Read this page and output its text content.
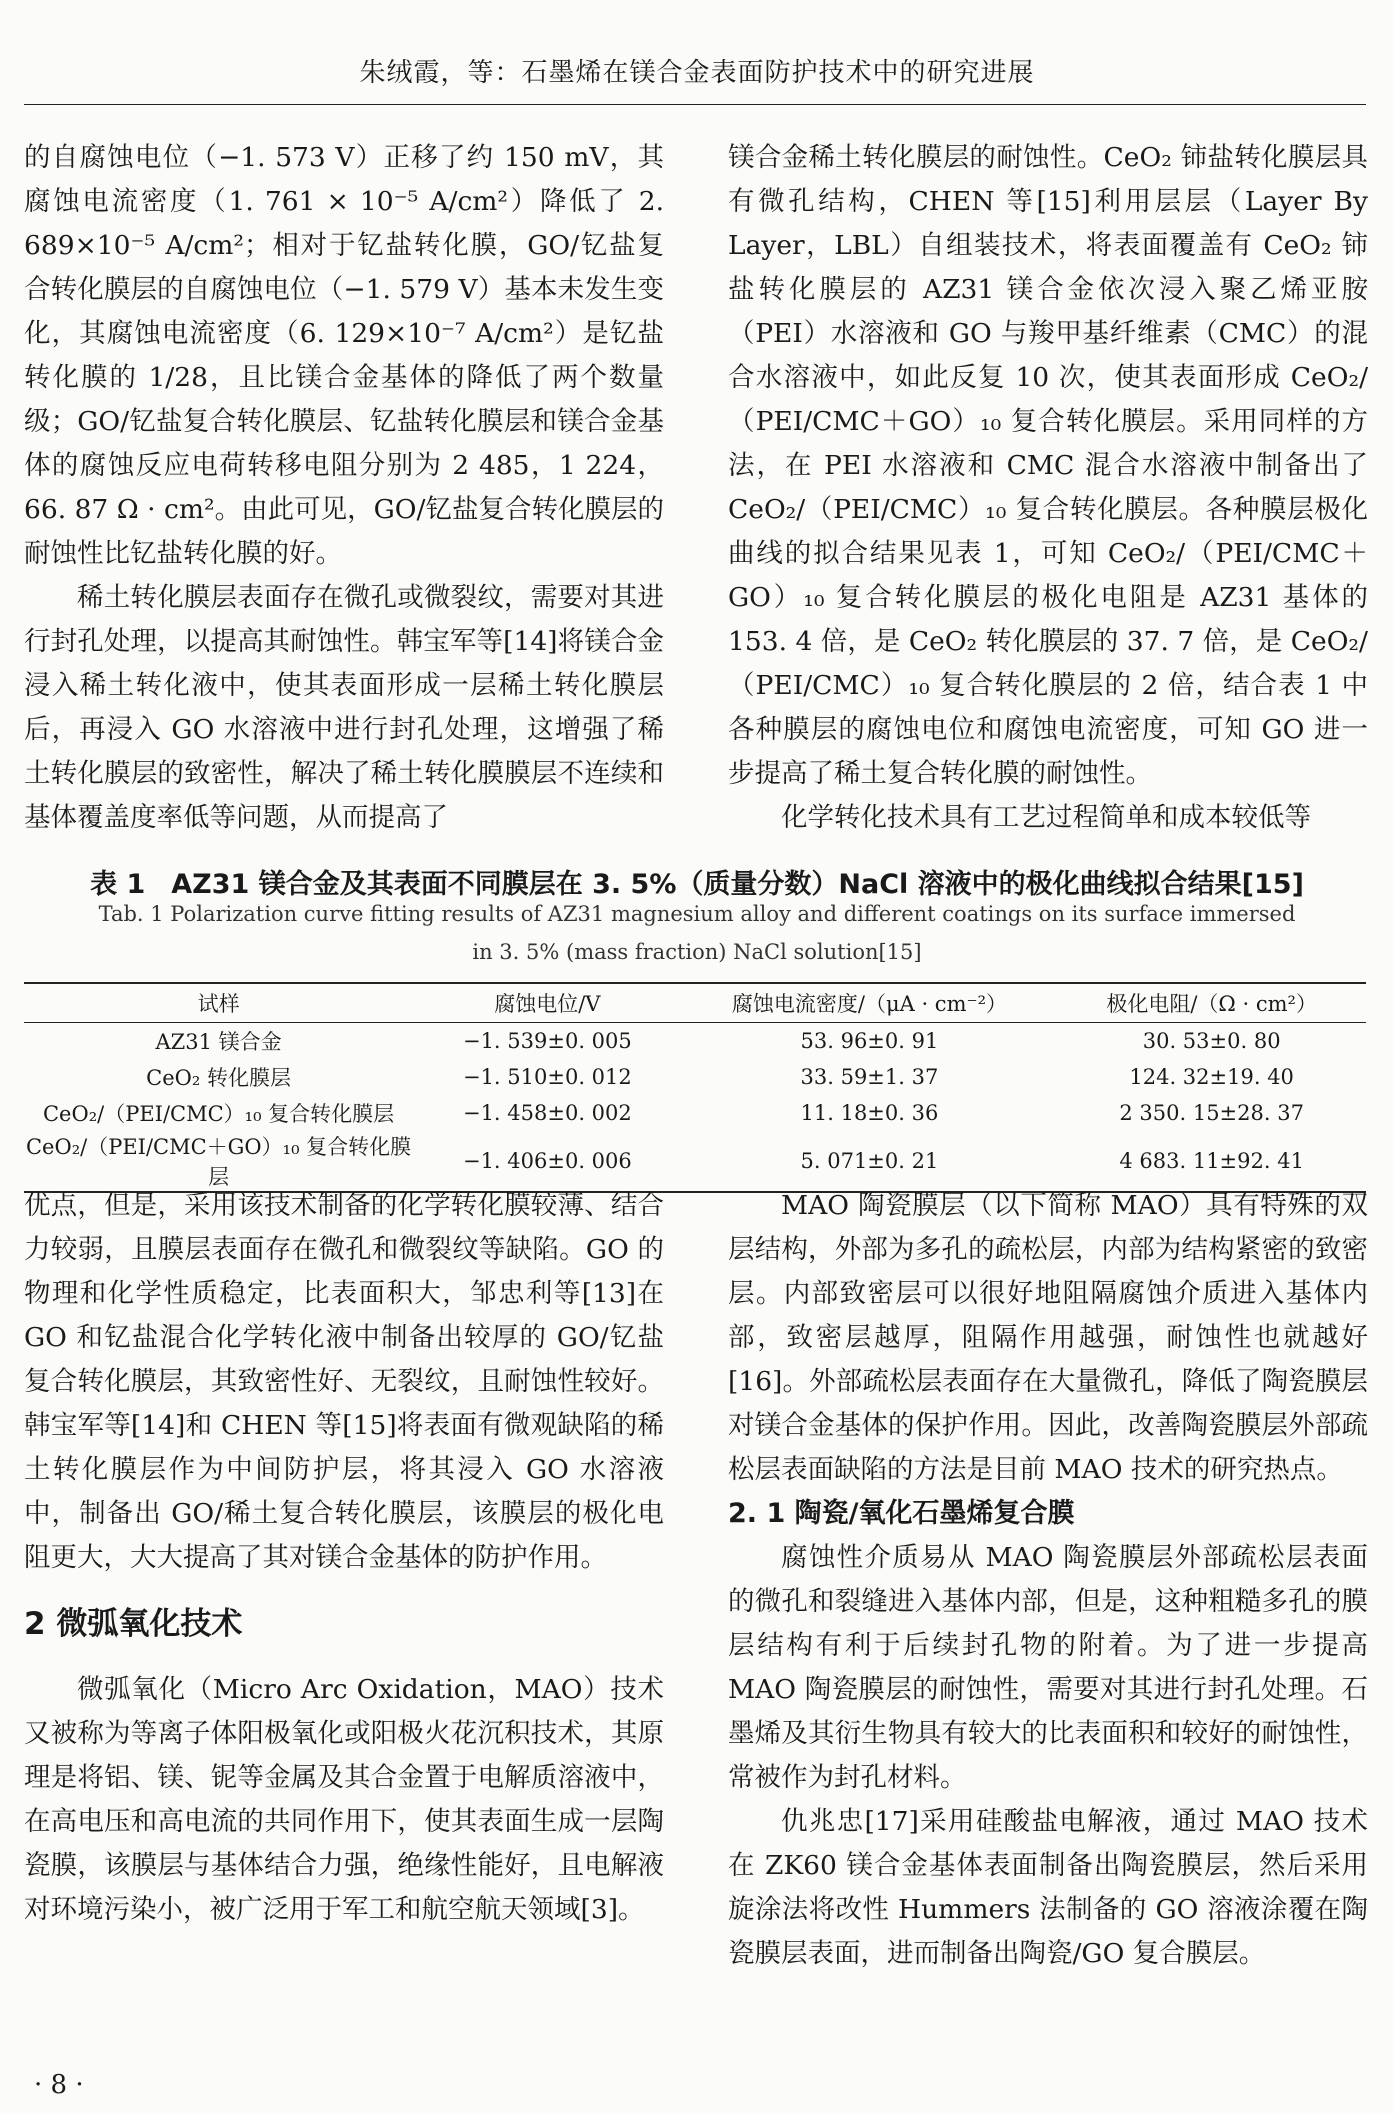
朱绒霞，等：石墨烯在镁合金表面防护技术中的研究进展

的自腐蚀电位（−1. 573 V）正移了约 150 mV，其腐蚀电流密度（1. 761 × 10⁻⁵ A/cm²）降低了 2. 689×10⁻⁵ A/cm²；相对于钇盐转化膜，GO/钇盐复合转化膜层的自腐蚀电位（−1. 579 V）基本未发生变化，其腐蚀电流密度（6. 129×10⁻⁷ A/cm²）是钇盐转化膜的 1/28，且比镁合金基体的降低了两个数量级；GO/钇盐复合转化膜层、钇盐转化膜层和镁合金基体的腐蚀反应电荷转移电阻分别为 2 485，1 224，66. 87 Ω · cm²。由此可见，GO/钇盐复合转化膜层的耐蚀性比钇盐转化膜的好。

稀土转化膜层表面存在微孔或微裂纹，需要对其进行封孔处理，以提高其耐蚀性。韩宝军等[14]将镁合金浸入稀土转化液中，使其表面形成一层稀土转化膜层后，再浸入 GO 水溶液中进行封孔处理，这增强了稀土转化膜层的致密性，解决了稀土转化膜膜层不连续和基体覆盖度率低等问题，从而提高了

镁合金稀土转化膜层的耐蚀性。CeO₂ 铈盐转化膜层具有微孔结构，CHEN 等[15]利用层层（Layer By Layer，LBL）自组装技术，将表面覆盖有 CeO₂ 铈盐转化膜层的 AZ31 镁合金依次浸入聚乙烯亚胺（PEI）水溶液和 GO 与羧甲基纤维素（CMC）的混合水溶液中，如此反复 10 次，使其表面形成 CeO₂/（PEI/CMC＋GO）₁₀ 复合转化膜层。采用同样的方法，在 PEI 水溶液和 CMC 混合水溶液中制备出了 CeO₂/（PEI/CMC）₁₀ 复合转化膜层。各种膜层极化曲线的拟合结果见表 1，可知 CeO₂/（PEI/CMC＋GO）₁₀ 复合转化膜层的极化电阻是 AZ31 基体的 153. 4 倍，是 CeO₂ 转化膜层的 37. 7 倍，是 CeO₂/（PEI/CMC）₁₀ 复合转化膜层的 2 倍，结合表 1 中各种膜层的腐蚀电位和腐蚀电流密度，可知 GO 进一步提高了稀土复合转化膜的耐蚀性。

化学转化技术具有工艺过程简单和成本较低等

表 1 AZ31 镁合金及其表面不同膜层在 3. 5%（质量分数）NaCl 溶液中的极化曲线拟合结果[15]
Tab. 1 Polarization curve fitting results of AZ31 magnesium alloy and different coatings on its surface immersed
in 3. 5% (mass fraction) NaCl solution[15]
试样	腐蚀电位/V	腐蚀电流密度/（μA · cm⁻²）	极化电阻/（Ω · cm²）
AZ31 镁合金	−1. 539±0. 005	53. 96±0. 91	30. 53±0. 80
CeO₂ 转化膜层	−1. 510±0. 012	33. 59±1. 37	124. 32±19. 40
CeO₂/（PEI/CMC）₁₀ 复合转化膜层	−1. 458±0. 002	11. 18±0. 36	2 350. 15±28. 37
CeO₂/（PEI/CMC＋GO）₁₀ 复合转化膜层	−1. 406±0. 006	5. 071±0. 21	4 683. 11±92. 41

优点，但是，采用该技术制备的化学转化膜较薄、结合力较弱，且膜层表面存在微孔和微裂纹等缺陷。GO 的物理和化学性质稳定，比表面积大，邹忠利等[13]在 GO 和钇盐混合化学转化液中制备出较厚的 GO/钇盐复合转化膜层，其致密性好、无裂纹，且耐蚀性较好。韩宝军等[14]和 CHEN 等[15]将表面有微观缺陷的稀土转化膜层作为中间防护层，将其浸入 GO 水溶液中，制备出 GO/稀土复合转化膜层，该膜层的极化电阻更大，大大提高了其对镁合金基体的防护作用。

2 微弧氧化技术

微弧氧化（Micro Arc Oxidation，MAO）技术又被称为等离子体阳极氧化或阳极火花沉积技术，其原理是将铝、镁、铌等金属及其合金置于电解质溶液中，在高电压和高电流的共同作用下，使其表面生成一层陶瓷膜，该膜层与基体结合力强，绝缘性能好，且电解液对环境污染小，被广泛用于军工和航空航天领域[3]。

MAO 陶瓷膜层（以下简称 MAO）具有特殊的双层结构，外部为多孔的疏松层，内部为结构紧密的致密层。内部致密层可以很好地阻隔腐蚀介质进入基体内部，致密层越厚，阻隔作用越强，耐蚀性也就越好[16]。外部疏松层表面存在大量微孔，降低了陶瓷膜层对镁合金基体的保护作用。因此，改善陶瓷膜层外部疏松层表面缺陷的方法是目前 MAO 技术的研究热点。

2. 1 陶瓷/氧化石墨烯复合膜

腐蚀性介质易从 MAO 陶瓷膜层外部疏松层表面的微孔和裂缝进入基体内部，但是，这种粗糙多孔的膜层结构有利于后续封孔物的附着。为了进一步提高 MAO 陶瓷膜层的耐蚀性，需要对其进行封孔处理。石墨烯及其衍生物具有较大的比表面积和较好的耐蚀性，常被作为封孔材料。

仇兆忠[17]采用硅酸盐电解液，通过 MAO 技术在 ZK60 镁合金基体表面制备出陶瓷膜层，然后采用旋涂法将改性 Hummers 法制备的 GO 溶液涂覆在陶瓷膜层表面，进而制备出陶瓷/GO 复合膜层。

· 8 ·
